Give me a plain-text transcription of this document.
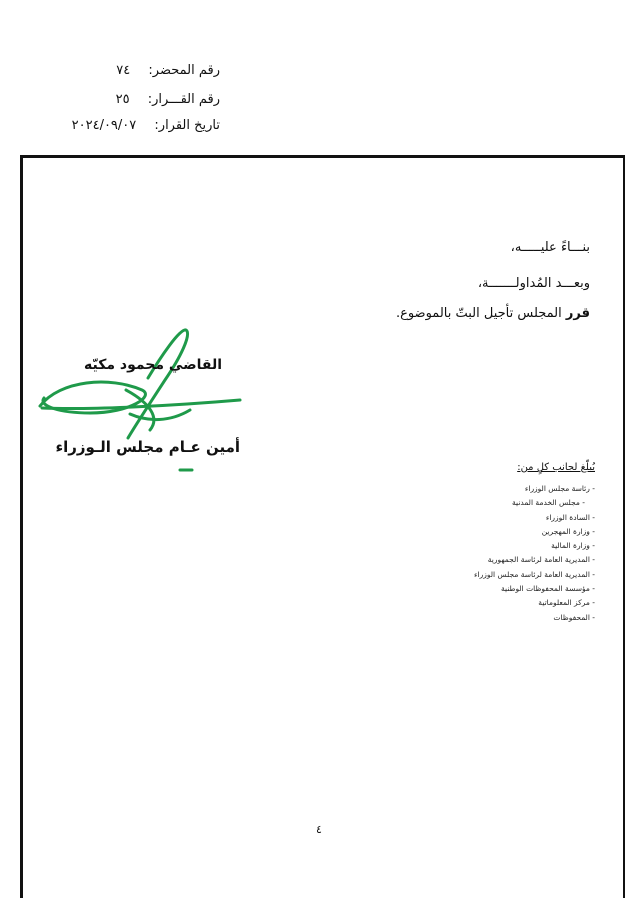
رقم المحضر: ٧٤
رقم القـــرار: ٢٥
تاريخ القرار: ٢٠٢٤/٠٩/٠٧
بنـــاءً عليـــــه،
وبعـــد المُداولـــــــة،
قرر المجلس تأجيل البتّ بالموضوع.
القاضي محمود مكيّه
أمين عـام مجلس الـوزراء
يُبلّغ لجانب كلٍ من:
- رئاسة مجلس الوزراء
- مجلس الخدمة المدنية
- السادة الوزراء
- وزارة المهجرين
- وزارة المالية
- المديرية العامة لرئاسة الجمهورية
- المديرية العامة لرئاسة مجلس الوزراء
- مؤسسة المحفوظات الوطنية
- مركز المعلوماتية
- المحفوظات
٤
